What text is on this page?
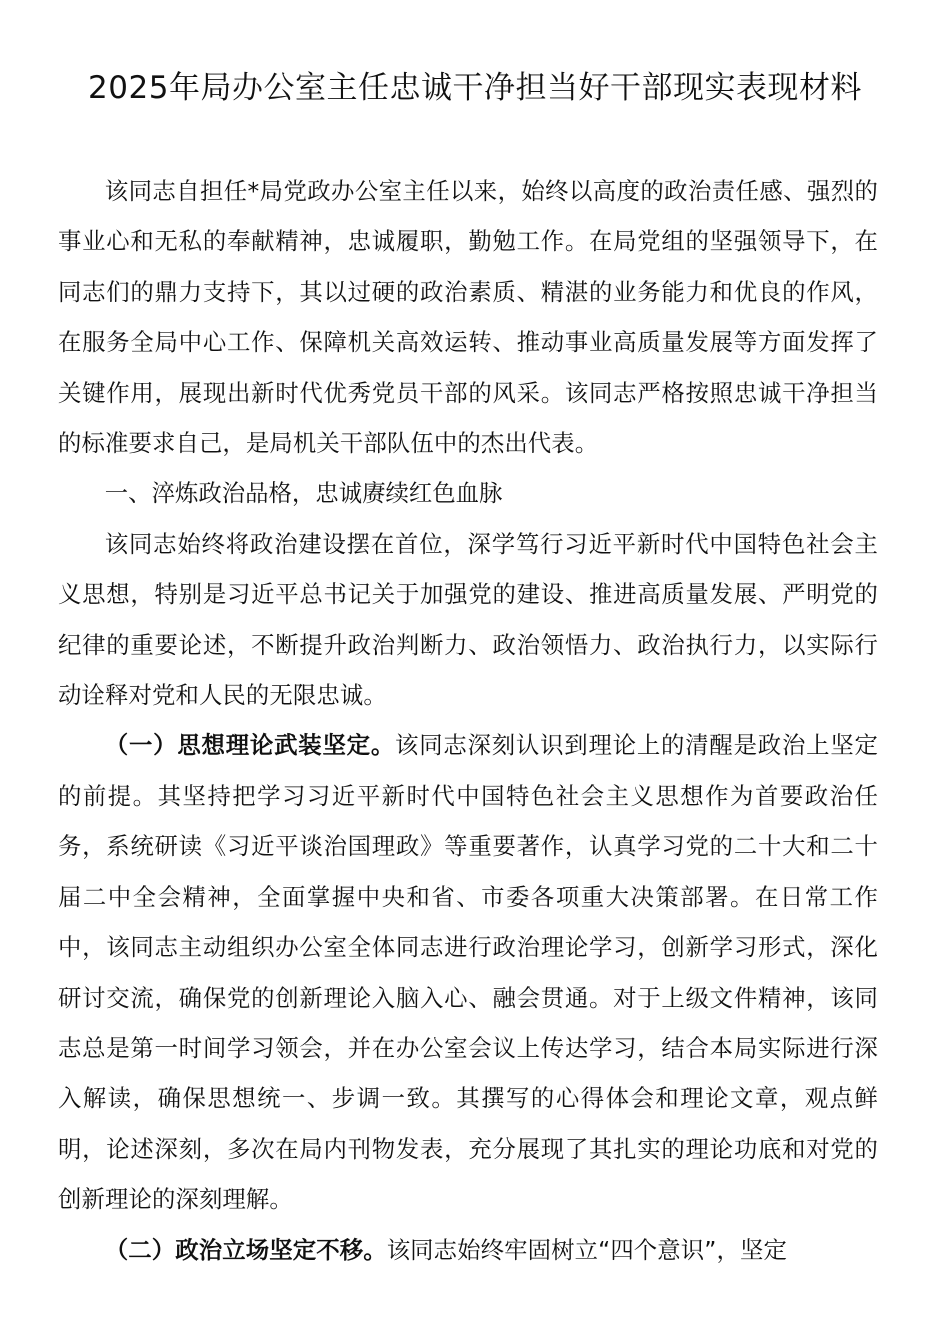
2025年局办公室主任忠诚干净担当好干部现实表现材料

该同志自担任*局党政办公室主任以来，始终以高度的政治责任感、强烈的事业心和无私的奉献精神，忠诚履职，勤勉工作。在局党组的坚强领导下，在同志们的鼎力支持下，其以过硬的政治素质、精湛的业务能力和优良的作风，在服务全局中心工作、保障机关高效运转、推动事业高质量发展等方面发挥了关键作用，展现出新时代优秀党员干部的风采。该同志严格按照忠诚干净担当的标准要求自己，是局机关干部队伍中的杰出代表。

一、淬炼政治品格，忠诚赓续红色血脉

该同志始终将政治建设摆在首位，深学笃行习近平新时代中国特色社会主义思想，特别是习近平总书记关于加强党的建设、推进高质量发展、严明党的纪律的重要论述，不断提升政治判断力、政治领悟力、政治执行力，以实际行动诠释对党和人民的无限忠诚。

（一）思想理论武装坚定。该同志深刻认识到理论上的清醒是政治上坚定的前提。其坚持把学习习近平新时代中国特色社会主义思想作为首要政治任务，系统研读《习近平谈治国理政》等重要著作，认真学习党的二十大和二十届二中全会精神，全面掌握中央和省、市委各项重大决策部署。在日常工作中，该同志主动组织办公室全体同志进行政治理论学习，创新学习形式，深化研讨交流，确保党的创新理论入脑入心、融会贯通。对于上级文件精神，该同志总是第一时间学习领会，并在办公室会议上传达学习，结合本局实际进行深入解读，确保思想统一、步调一致。其撰写的心得体会和理论文章，观点鲜明，论述深刻，多次在局内刊物发表，充分展现了其扎实的理论功底和对党的创新理论的深刻理解。

（二）政治立场坚定不移。该同志始终牢固树立“四个意识”，坚定
